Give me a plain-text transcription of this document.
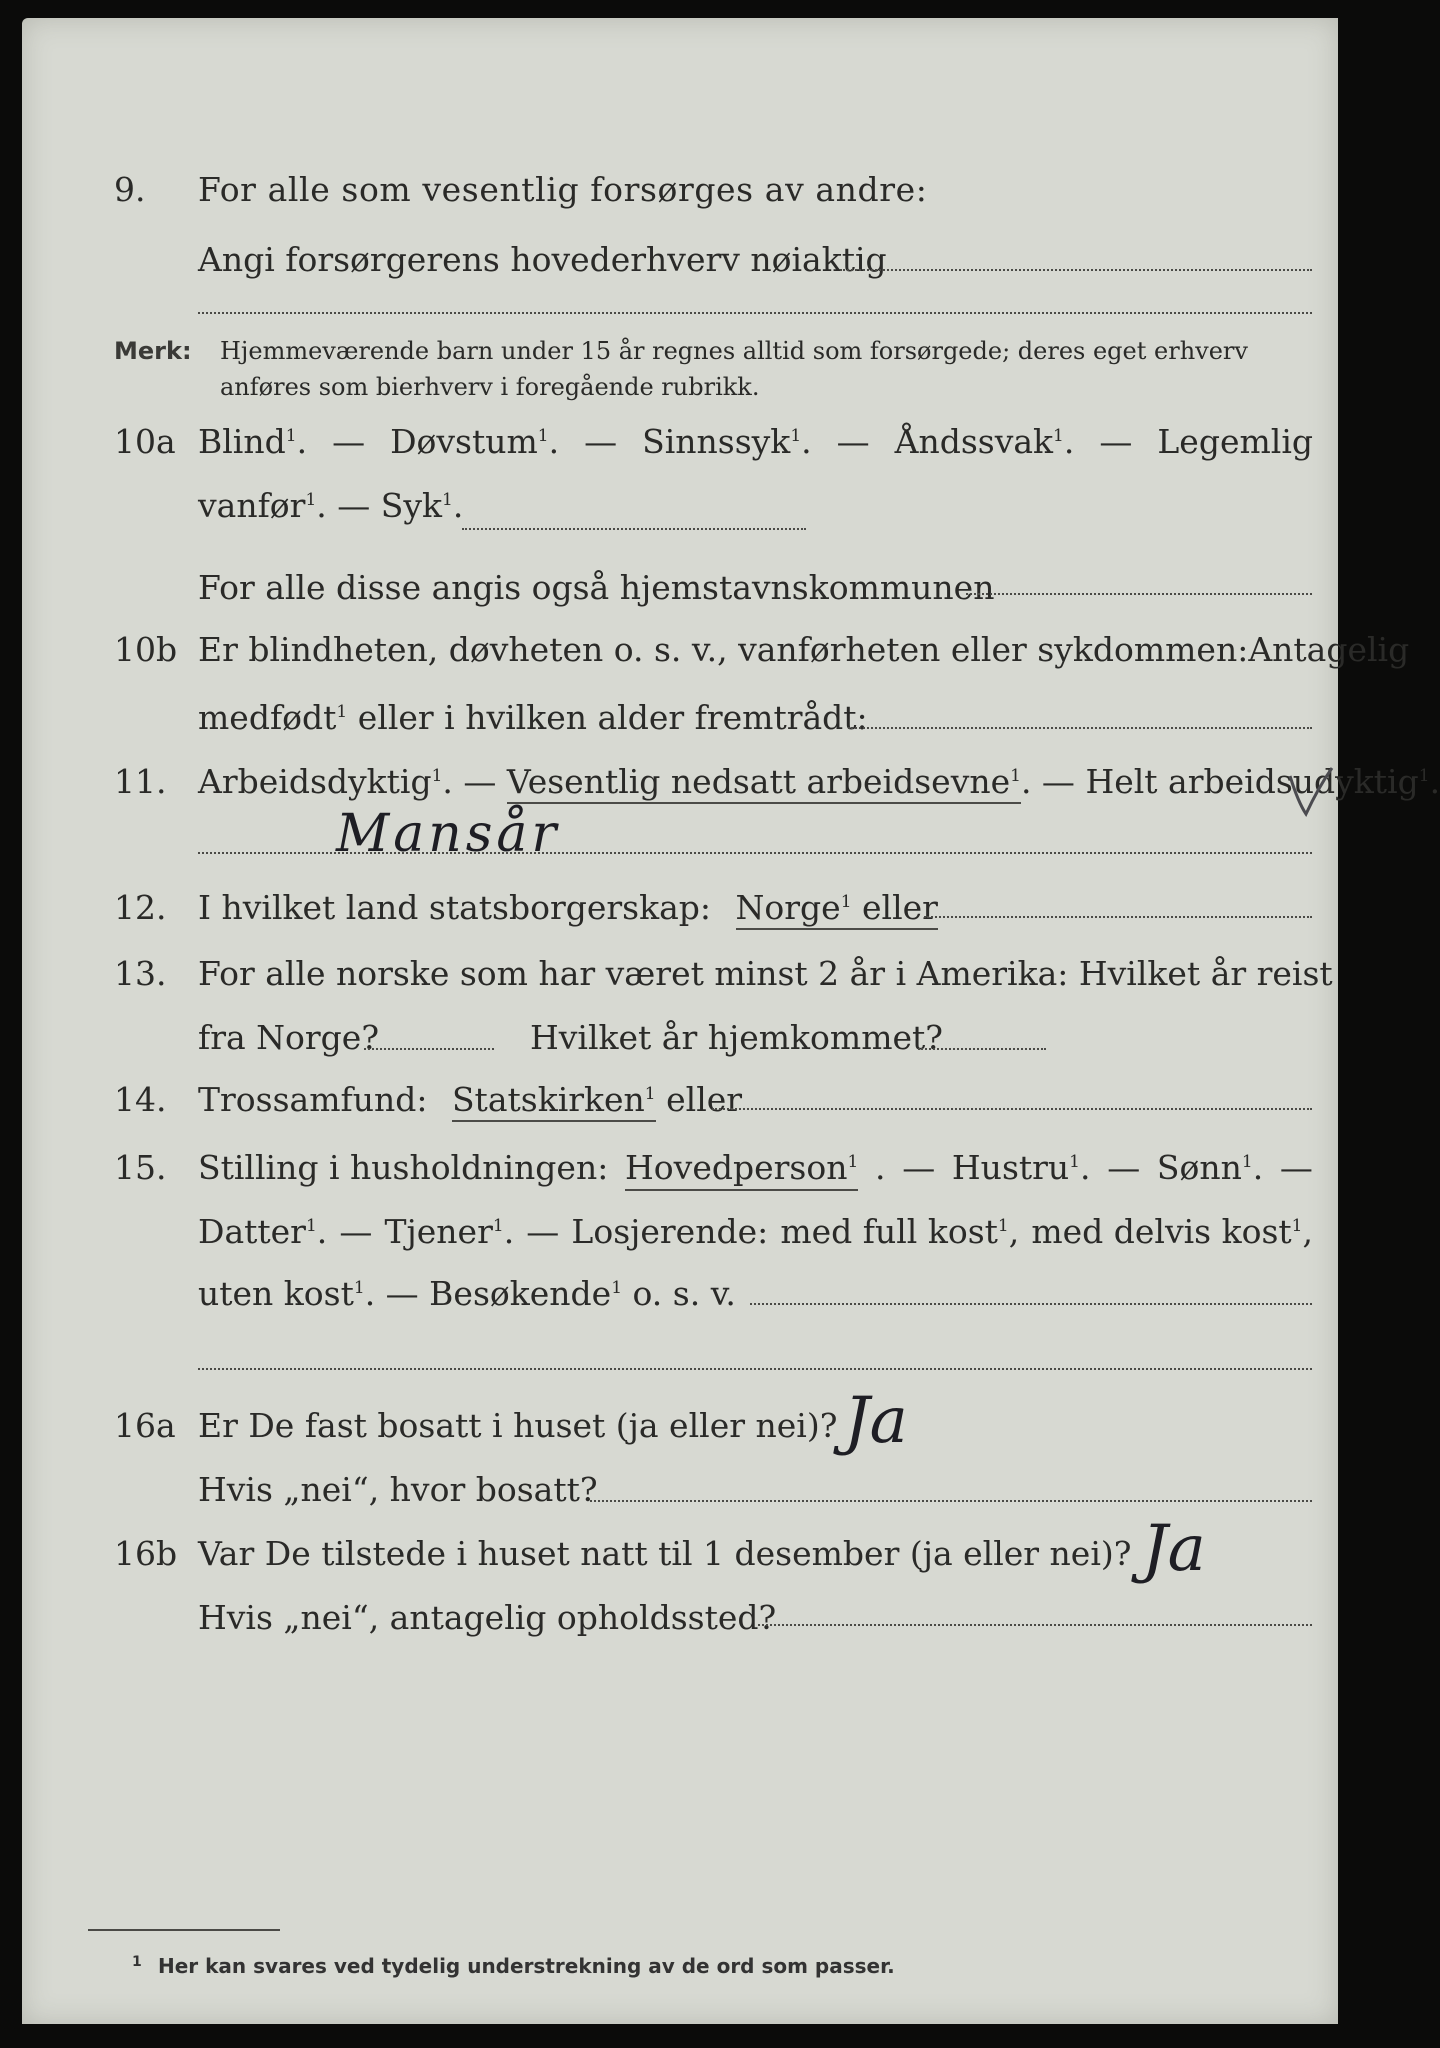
9. For alle som vesentlig forsørges av andre:
Angi forsørgerens hovederhverv nøiaktig
Merk: Hjemmeværende barn under 15 år regnes alltid som forsørgede; deres eget erhverv
anføres som bierhverv i foregående rubrikk.
10a Blind$^1$. — Døvstum$^1$. — Sinnssyk$^1$. — Åndssvak$^1$. — Legemlig
vanfør$^1$. — Syk$^1$.
For alle disse angis også hjemstavnskommunen
10b Er blindheten, døvheten o. s. v., vanførheten eller sykdommen: Antagelig
medfødt$^1$ eller i hvilken alder fremtrådt:
11. Arbeidsdyktig$^1$. — Vesentlig nedsatt arbeidsevne$^1$. — Helt arbeidsudyktig$^1$.
Mansår
12. I hvilket land statsborgerskap: Norge$^1$ eller
13. For alle norske som har været minst 2 år i Amerika: Hvilket år reist
fra Norge?	Hvilket år hjemkommet?
14. Trossamfund: Statskirken$^1$ eller
15. Stilling i husholdningen: Hovedperson$^1$ . — Hustru$^1$. — Sønn$^1$. —
Datter$^1$. — Tjener$^1$. — Losjerende: med full kost$^1$, med delvis kost$^1$,
uten kost$^1$. — Besøkende$^1$ o. s. v.
16a Er De fast bosatt i huset (ja eller nei)? Ja
Hvis „nei“, hvor bosatt?
16b Var De tilstede i huset natt til 1 desember (ja eller nei)? Ja
Hvis „nei“, antagelig opholdssted?
1 Her kan svares ved tydelig understrekning av de ord som passer.
